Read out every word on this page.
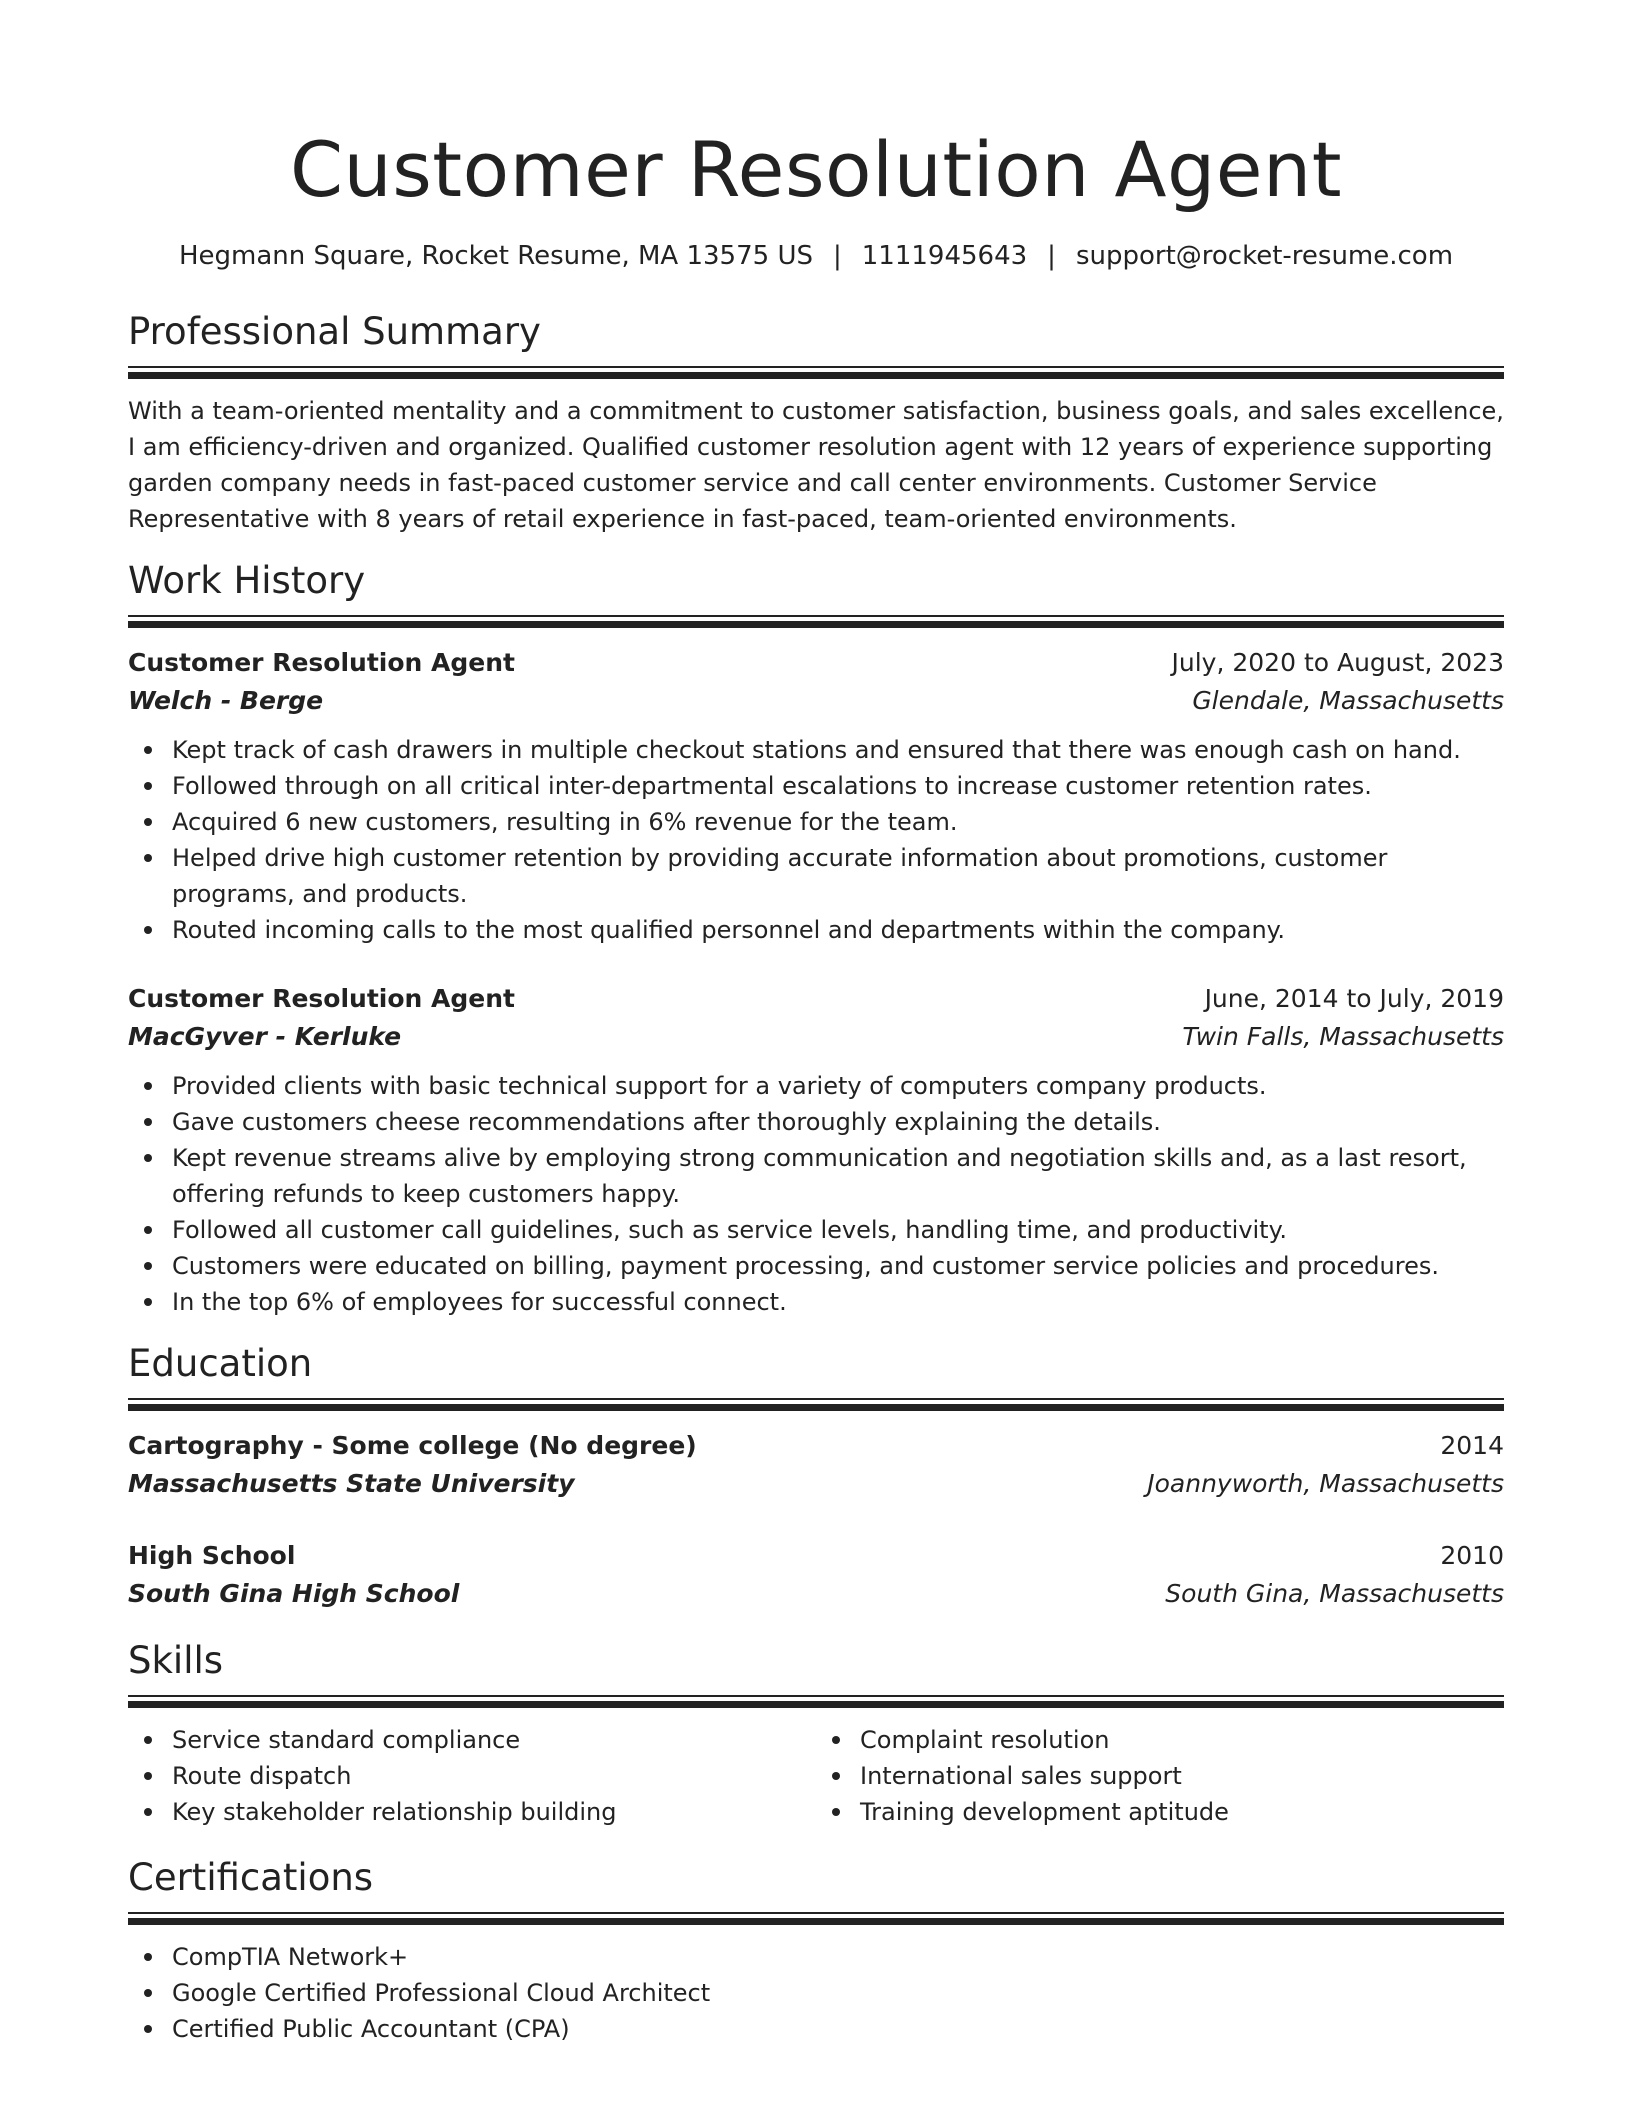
Customer Resolution Agent
Hegmann Square, Rocket Resume, MA 13575 US | 1111945643 | support@rocket-resume.com
Professional Summary

With a team-oriented mentality and a commitment to customer satisfaction, business goals, and sales excellence, I am efficiency-driven and organized. Qualified customer resolution agent with 12 years of experience supporting garden company needs in fast-paced customer service and call center environments. Customer Service Representative with 8 years of retail experience in fast-paced, team-oriented environments.

Work History
Customer Resolution Agent	July, 2020 to August, 2023
Welch - Berge	Glendale, Massachusetts
Kept track of cash drawers in multiple checkout stations and ensured that there was enough cash on hand.
Followed through on all critical inter-departmental escalations to increase customer retention rates.
Acquired 6 new customers, resulting in 6% revenue for the team.
Helped drive high customer retention by providing accurate information about promotions, customer programs, and products.
Routed incoming calls to the most qualified personnel and departments within the company.
Customer Resolution Agent	June, 2014 to July, 2019
MacGyver - Kerluke	Twin Falls, Massachusetts
Provided clients with basic technical support for a variety of computers company products.
Gave customers cheese recommendations after thoroughly explaining the details.
Kept revenue streams alive by employing strong communication and negotiation skills and, as a last resort, offering refunds to keep customers happy.
Followed all customer call guidelines, such as service levels, handling time, and productivity.
Customers were educated on billing, payment processing, and customer service policies and procedures.
In the top 6% of employees for successful connect.
Education
Cartography - Some college (No degree)	2014
Massachusetts State University	Joannyworth, Massachusetts
High School	2010
South Gina High School	South Gina, Massachusetts
Skills
Service standard compliance
Route dispatch
Key stakeholder relationship building
Complaint resolution
International sales support
Training development aptitude
Certifications
CompTIA Network+
Google Certified Professional Cloud Architect
Certified Public Accountant (CPA)
